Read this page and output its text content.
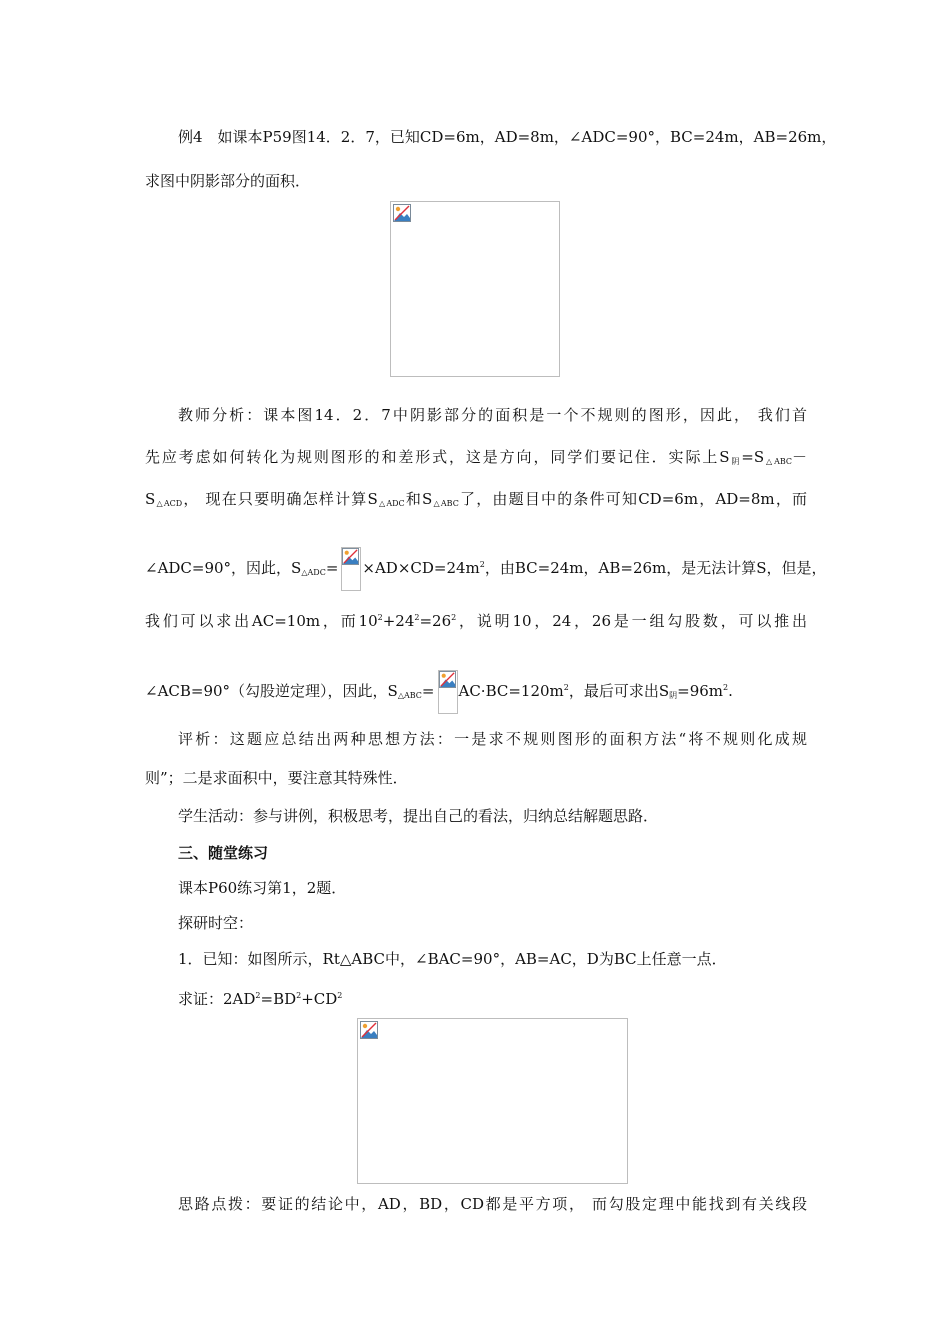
例4　如课本P59图14．2．7，已知CD=6m，AD=8m，∠ADC=90°，BC=24m，AB=26m，
求图中阴影部分的面积．
教师分析：课本图14．2．7中阴影部分的面积是一个不规则的图形，因此， 我们首
先应考虑如何转化为规则图形的和差形式，这是方向，同学们要记住．实际上$S_阴=S_{\triangle ABC}-$
$S_{\triangle ACD}$， 现在只要明确怎样计算$S_{\triangle ADC}$和$S_{\triangle ABC}$了，由题目中的条件可知CD=6m，AD=8m，而
∠ADC=90°，因此，$S_{\triangle ADC}= \times AD\times CD=24m^2$，由BC=24m，AB=26m，是无法计算S，但是，
我们可以求出AC=10m，而$10^2+24^2=26^2$，说明10，24，26是一组勾股数，可以推出
∠ACB=90°（勾股逆定理），因此，$S_{\triangle ABC}= AC\cdot BC=120m^2$，最后可求出$S_阴=96m^2$.
评析：这题应总结出两种思想方法：一是求不规则图形的面积方法“将不规则化成规
则”；二是求面积中，要注意其特殊性．
学生活动：参与讲例，积极思考，提出自己的看法，归纳总结解题思路．
三、随堂练习
课本P60练习第1，2题．
探研时空：
1．已知：如图所示，Rt△ABC中，∠BAC=90°，AB=AC，D为BC上任意一点．
求证：$2AD^2=BD^2+CD^2$
思路点拨：要证的结论中，AD，BD，CD都是平方项， 而勾股定理中能找到有关线段
